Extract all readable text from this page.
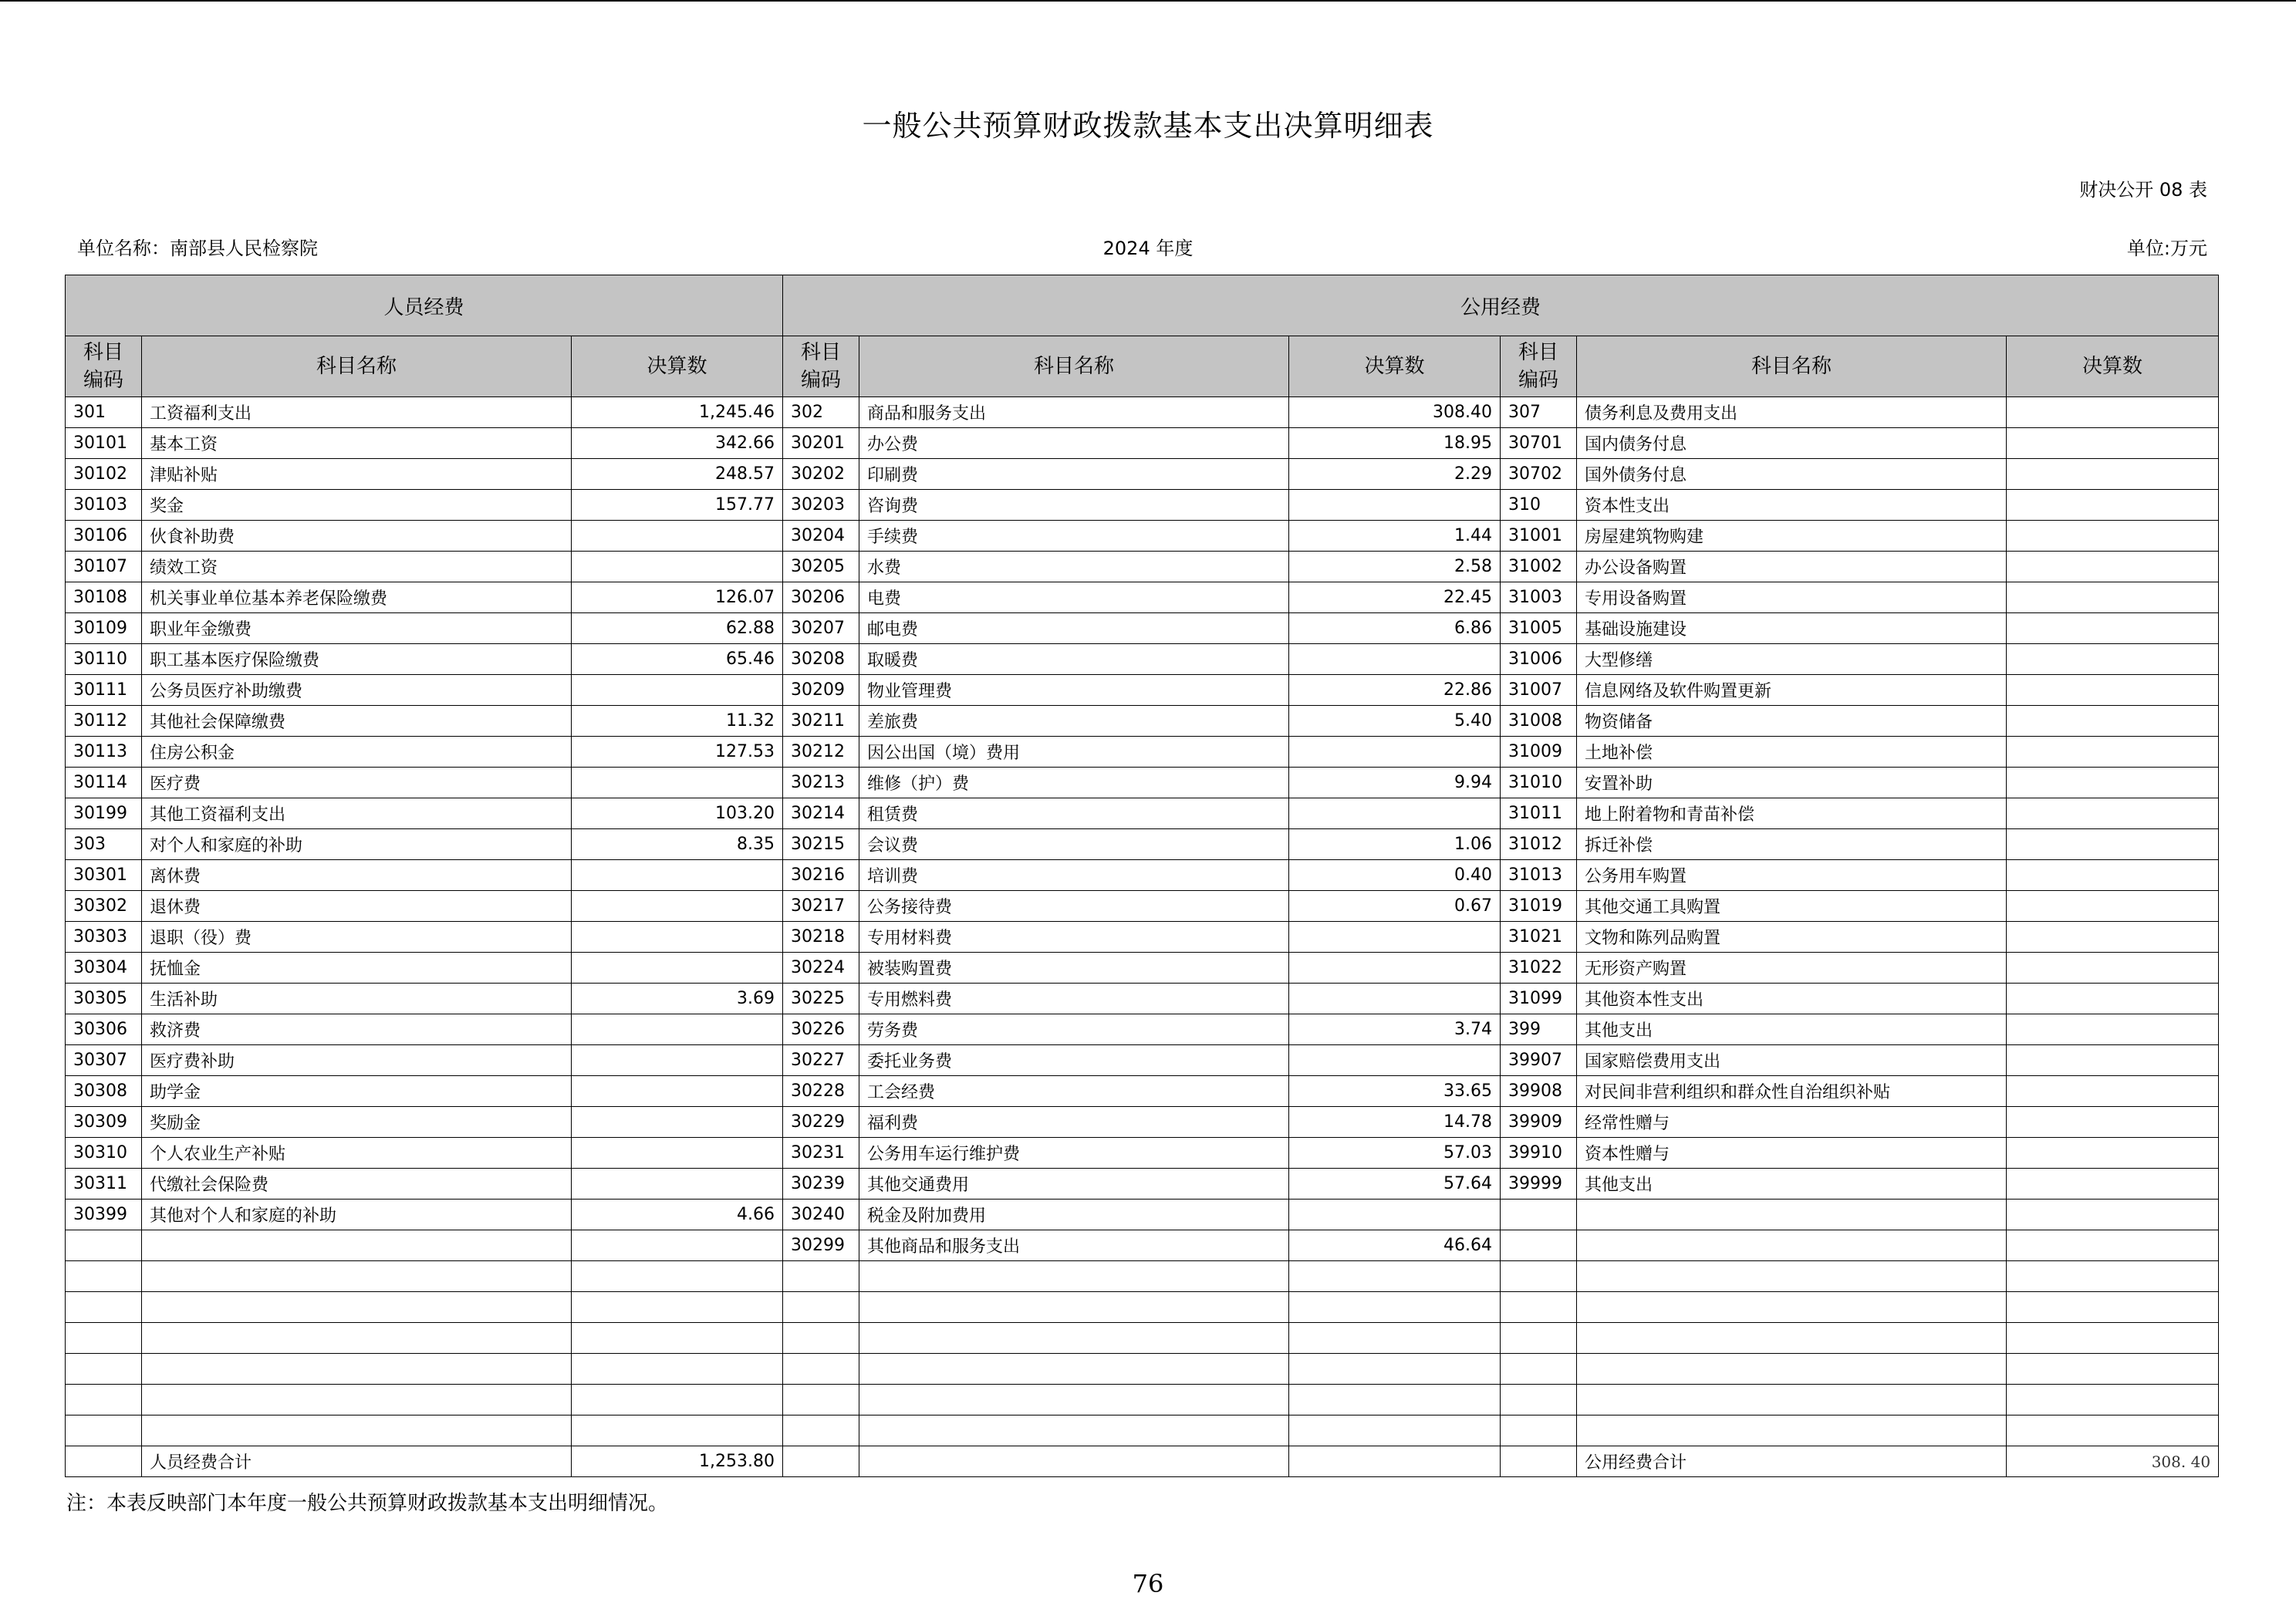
一般公共预算财政拨款基本支出决算明细表
财决公开 08 表
单位名称：南部县人民检察院	2024 年度	单位:万元
人员经费			公用经费					
科目
编码	科目名称	决算数	科目
编码	科目名称	决算数	科目
编码	科目名称	决算数
301	工资福利支出	1,245.46	302	商品和服务支出	308.40	307	债务利息及费用支出	
30101	基本工资	342.66	30201	办公费	18.95	30701	国内债务付息	
30102	津贴补贴	248.57	30202	印刷费	2.29	30702	国外债务付息	
30103	奖金	157.77	30203	咨询费		310	资本性支出	
30106	伙食补助费		30204	手续费	1.44	31001	房屋建筑物购建	
30107	绩效工资		30205	水费	2.58	31002	办公设备购置	
30108	机关事业单位基本养老保险缴费	126.07	30206	电费	22.45	31003	专用设备购置	
30109	职业年金缴费	62.88	30207	邮电费	6.86	31005	基础设施建设	
30110	职工基本医疗保险缴费	65.46	30208	取暖费		31006	大型修缮	
30111	公务员医疗补助缴费		30209	物业管理费	22.86	31007	信息网络及软件购置更新	
30112	其他社会保障缴费	11.32	30211	差旅费	5.40	31008	物资储备	
30113	住房公积金	127.53	30212	因公出国（境）费用		31009	土地补偿	
30114	医疗费		30213	维修（护）费	9.94	31010	安置补助	
30199	其他工资福利支出	103.20	30214	租赁费		31011	地上附着物和青苗补偿	
303	对个人和家庭的补助	8.35	30215	会议费	1.06	31012	拆迁补偿	
30301	离休费		30216	培训费	0.40	31013	公务用车购置	
30302	退休费		30217	公务接待费	0.67	31019	其他交通工具购置	
30303	退职（役）费		30218	专用材料费		31021	文物和陈列品购置	
30304	抚恤金		30224	被装购置费		31022	无形资产购置	
30305	生活补助	3.69	30225	专用燃料费		31099	其他资本性支出	
30306	救济费		30226	劳务费	3.74	399	其他支出	
30307	医疗费补助		30227	委托业务费		39907	国家赔偿费用支出	
30308	助学金		30228	工会经费	33.65	39908	对民间非营利组织和群众性自治组织补贴	
30309	奖励金		30229	福利费	14.78	39909	经常性赠与	
30310	个人农业生产补贴		30231	公务用车运行维护费	57.03	39910	资本性赠与	
30311	代缴社会保险费		30239	其他交通费用	57.64	39999	其他支出	
30399	其他对个人和家庭的补助	4.66	30240	税金及附加费用				
			30299	其他商品和服务支出	46.64			

	人员经费合计	1,253.80					公用经费合计	308. 40
注：本表反映部门本年度一般公共预算财政拨款基本支出明细情况。
76
